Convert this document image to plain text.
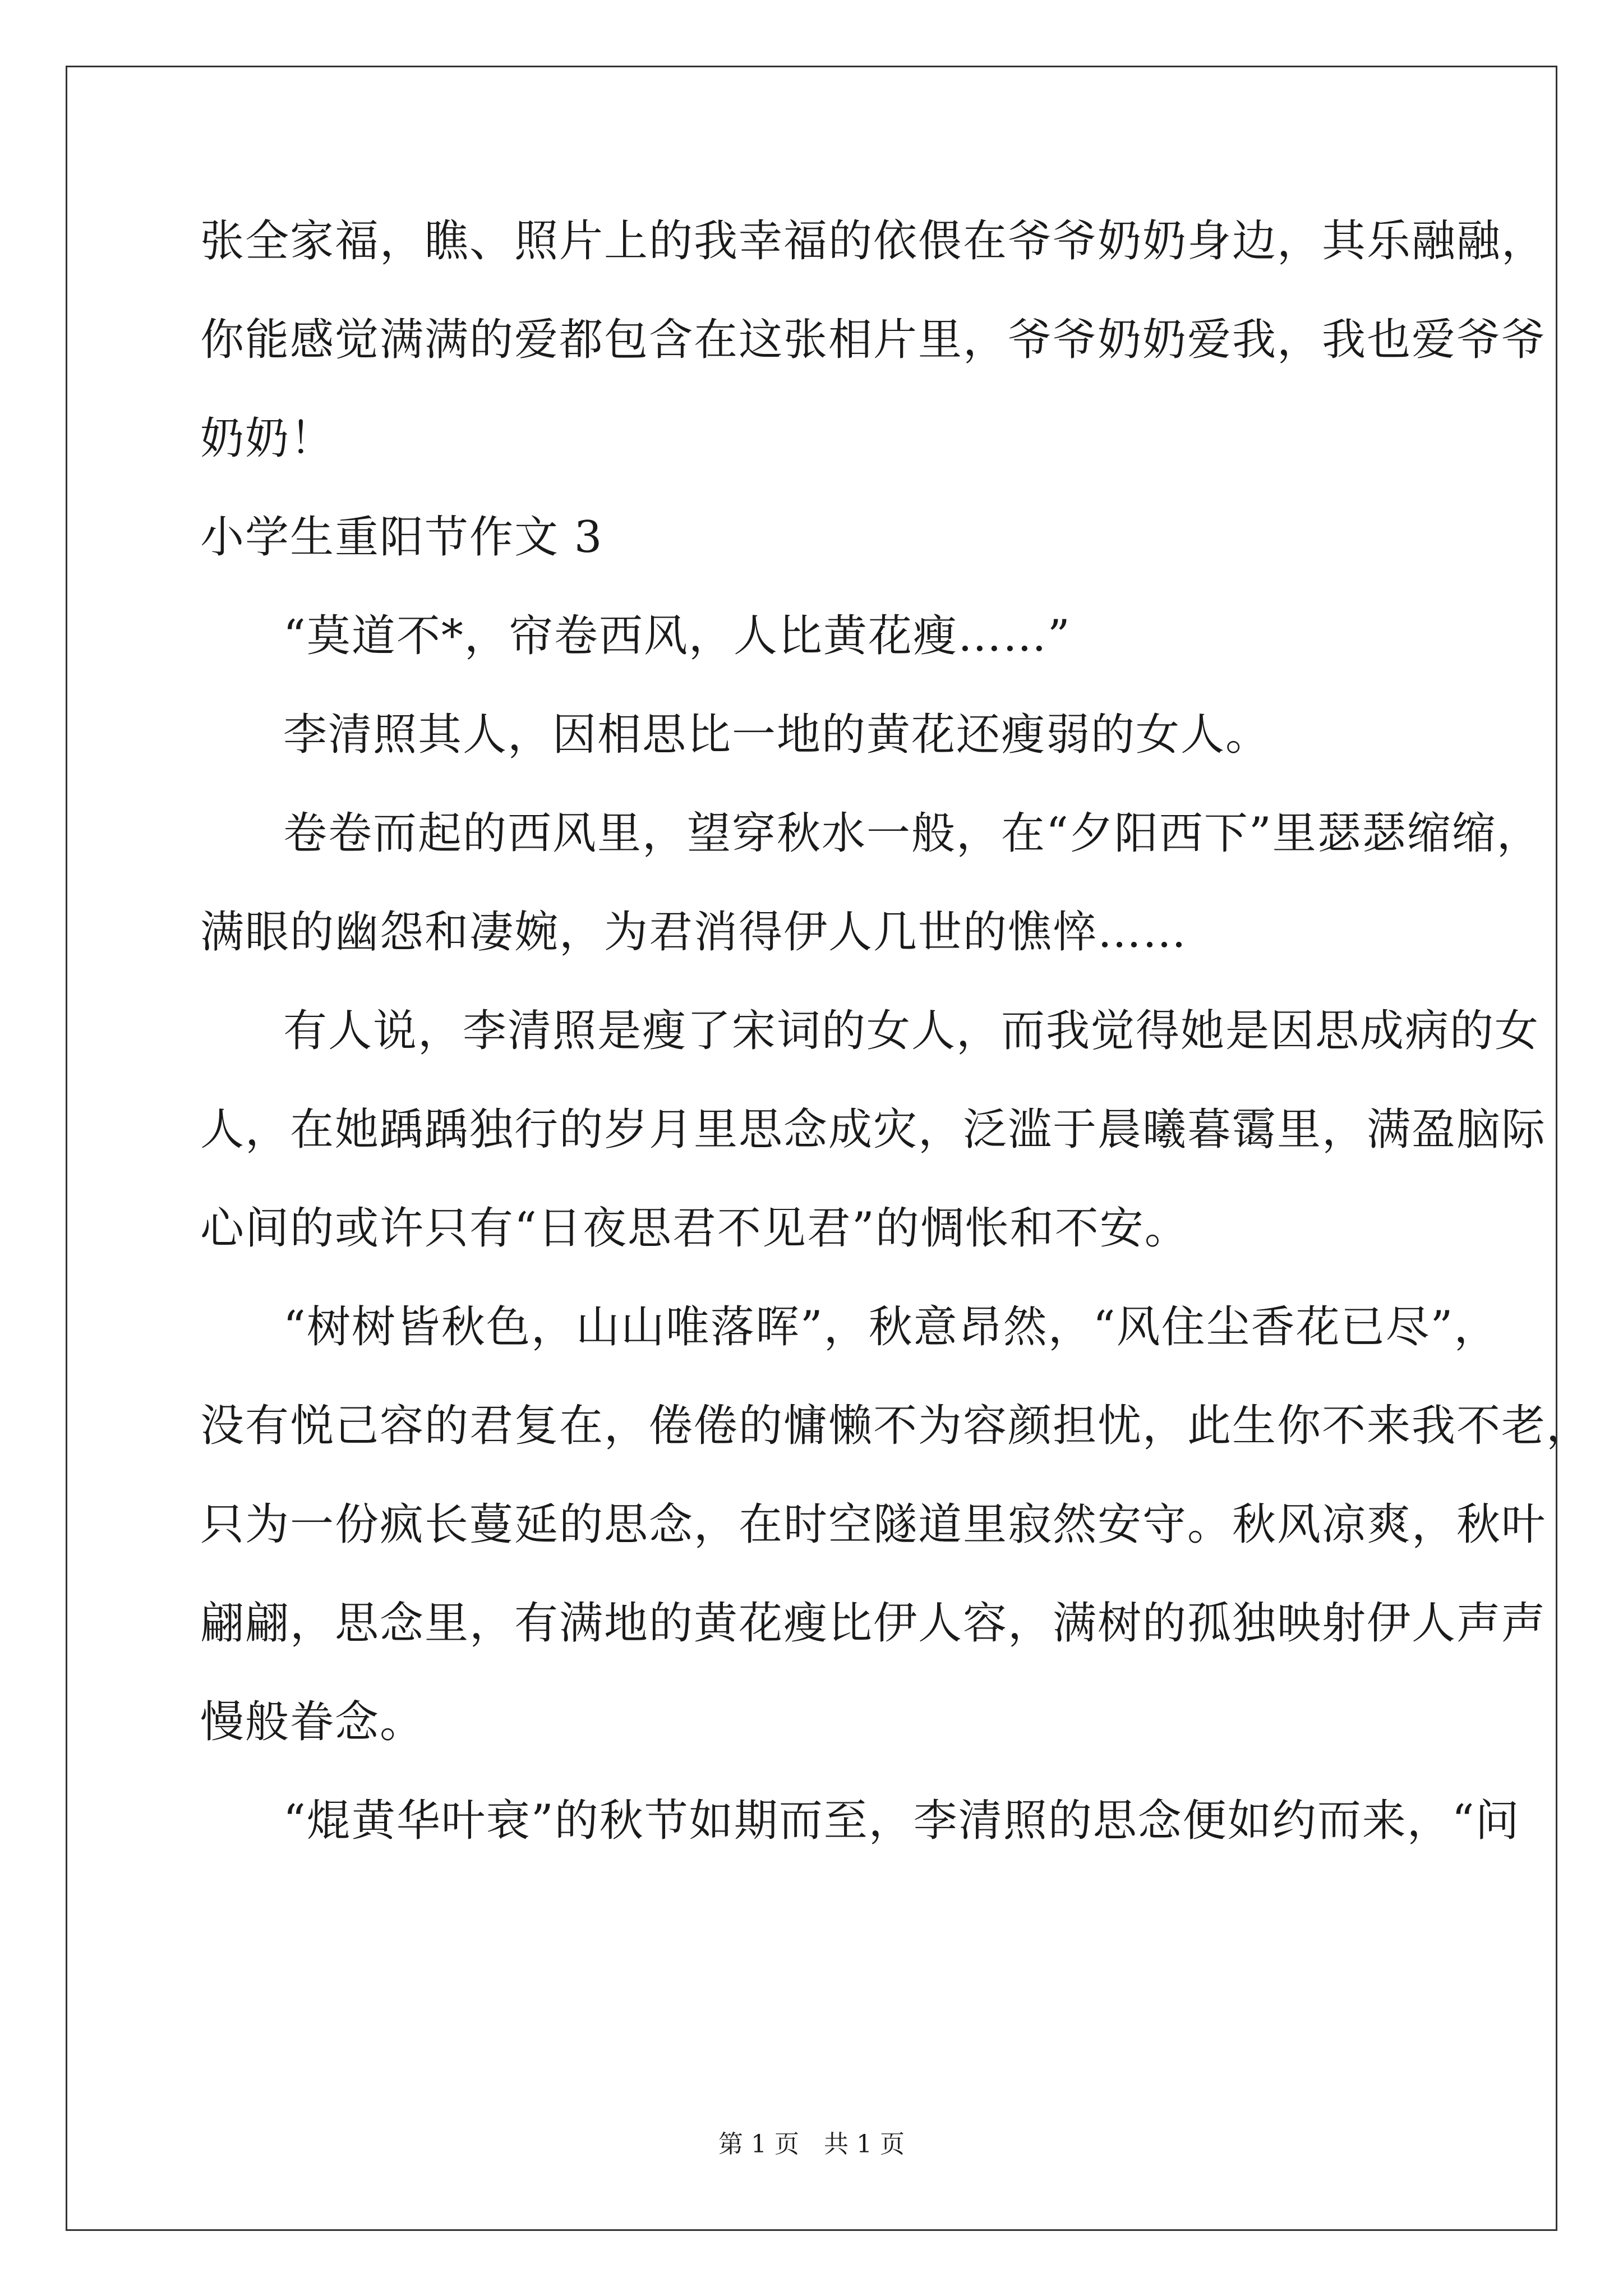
张全家福，瞧、照片上的我幸福的依偎在爷爷奶奶身边，其乐融融，
你能感觉满满的爱都包含在这张相片里，爷爷奶奶爱我，我也爱爷爷
奶奶！
小学生重阳节作文 3
“莫道不*，帘卷西风，人比黄花瘦……”
李清照其人，因相思比一地的黄花还瘦弱的女人。
卷卷而起的西风里，望穿秋水一般，在“夕阳西下”里瑟瑟缩缩，
满眼的幽怨和凄婉，为君消得伊人几世的憔悴……
有人说，李清照是瘦了宋词的女人，而我觉得她是因思成病的女
人，在她踽踽独行的岁月里思念成灾，泛滥于晨曦暮霭里，满盈脑际
心间的或许只有“日夜思君不见君”的惆怅和不安。
“树树皆秋色，山山唯落晖”，秋意昂然，“风住尘香花已尽”，
没有悦己容的君复在，倦倦的慵懒不为容颜担忧，此生你不来我不老，
只为一份疯长蔓延的思念，在时空隧道里寂然安守。秋风凉爽，秋叶
翩翩，思念里，有满地的黄花瘦比伊人容，满树的孤独映射伊人声声
慢般眷念。
“焜黄华叶衰”的秋节如期而至，李清照的思念便如约而来，“问
第 1 页　共 1 页
